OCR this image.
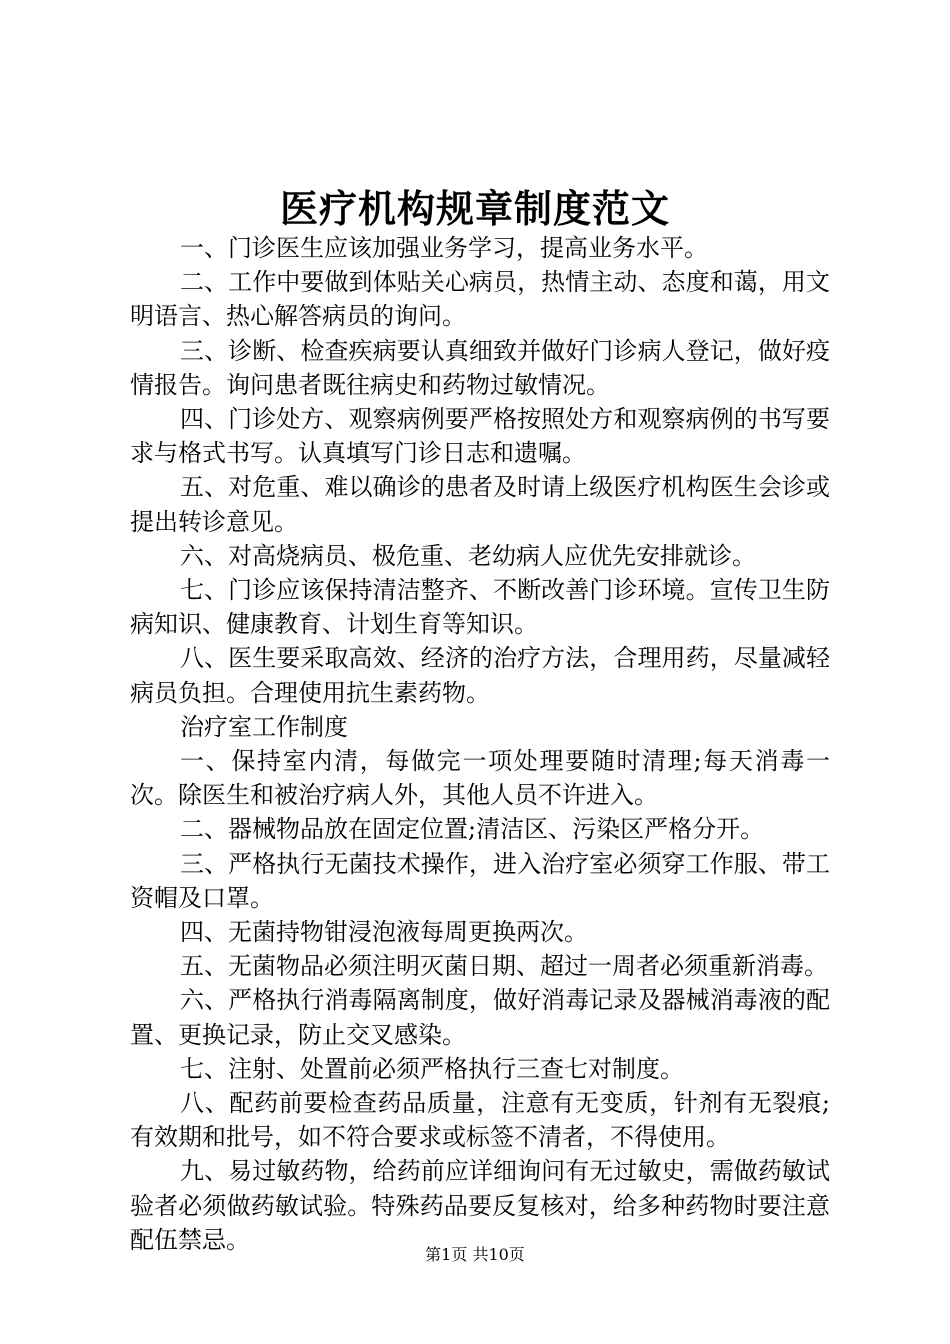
医疗机构规章制度范文

一、门诊医生应该加强业务学习，提高业务水平。

二、工作中要做到体贴关心病员，热情主动、态度和蔼，用文明语言、热心解答病员的询问。

三、诊断、检查疾病要认真细致并做好门诊病人登记，做好疫情报告。询问患者既往病史和药物过敏情况。

四、门诊处方、观察病例要严格按照处方和观察病例的书写要求与格式书写。认真填写门诊日志和遗嘱。

五、对危重、难以确诊的患者及时请上级医疗机构医生会诊或提出转诊意见。

六、对高烧病员、极危重、老幼病人应优先安排就诊。

七、门诊应该保持清洁整齐、不断改善门诊环境。宣传卫生防病知识、健康教育、计划生育等知识。

八、医生要采取高效、经济的治疗方法，合理用药，尽量减轻病员负担。合理使用抗生素药物。

治疗室工作制度

一、保持室内清，每做完一项处理要随时清理;每天消毒一次。除医生和被治疗病人外，其他人员不许进入。

二、器械物品放在固定位置;清洁区、污染区严格分开。

三、严格执行无菌技术操作，进入治疗室必须穿工作服、带工资帽及口罩。

四、无菌持物钳浸泡液每周更换两次。

五、无菌物品必须注明灭菌日期、超过一周者必须重新消毒。

六、严格执行消毒隔离制度，做好消毒记录及器械消毒液的配置、更换记录，防止交叉感染。

七、注射、处置前必须严格执行三查七对制度。

八、配药前要检查药品质量，注意有无变质，针剂有无裂痕;有效期和批号，如不符合要求或标签不清者，不得使用。

九、易过敏药物，给药前应详细询问有无过敏史，需做药敏试验者必须做药敏试验。特殊药品要反复核对，给多种药物时要注意配伍禁忌。

第1页 共10页
